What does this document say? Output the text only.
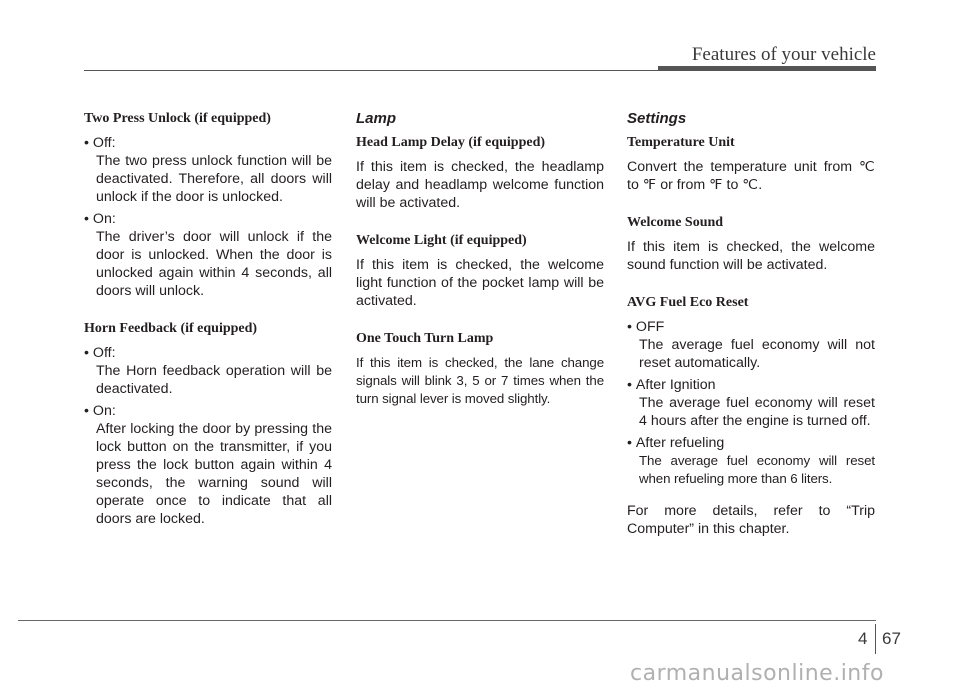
Features of your vehicle

Two Press Unlock (if equipped)

• Off:

The two press unlock function will be deactivated. Therefore, all doors will unlock if the door is unlocked.

• On:

The driver’s door will unlock if the door is unlocked. When the door is unlocked again within 4 seconds, all doors will unlock.

Horn Feedback (if equipped)

• Off:

The Horn feedback operation will be deactivated.

• On:

After locking the door by pressing the lock button on the transmitter, if you press the lock button again within 4 seconds, the warning sound will operate once to indicate that all doors are locked.

Lamp

Head Lamp Delay (if equipped)

If this item is checked, the headlamp delay and headlamp welcome function will be activated.

Welcome Light (if equipped)

If this item is checked, the welcome light function of the pocket lamp will be activated.

One Touch Turn Lamp

If this item is checked, the lane change signals will blink 3, 5 or 7 times when the turn signal lever is moved slightly.

Settings

Temperature Unit

Convert the temperature unit from ℃ to ℉ or from ℉ to ℃.

Welcome Sound

If this item is checked, the welcome sound function will be activated.

AVG Fuel Eco Reset

• OFF

The average fuel economy will not reset automatically.

• After Ignition

The average fuel economy will reset 4 hours after the engine is turned off.

• After refueling

The average fuel economy will reset when refueling more than 6 liters.

For more details, refer to “Trip Computer” in this chapter.

4 67
carmanualsonline.info
